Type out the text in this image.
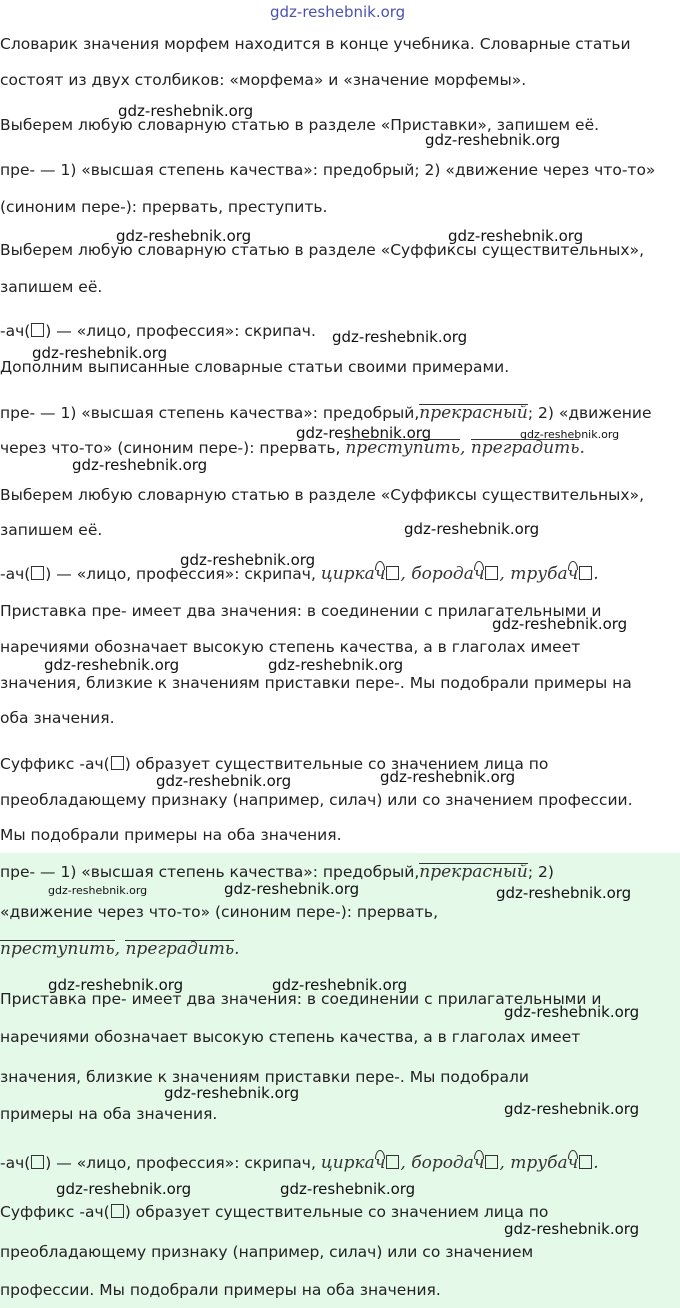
Словарик значения морфем находится в конце учебника. Словарные статьи
состоят из двух столбиков: «морфема» и «значение морфемы».
Выберем любую словарную статью в разделе «Приставки», запишем её.
пре- — 1) «высшая степень качества»: предобрый; 2) «движение через что-то»
(синоним пере-): прервать, преступить.
Выберем любую словарную статью в разделе «Суффиксы существительных»,
запишем её.
-ач( ) — «лицо, профессия»: скрипач.
Дополним выписанные словарные статьи своими примерами.
пре- — 1) «высшая степень качества»: предобрый,прекрасный; 2) «движение
через что-то» (синоним пере-): прервать, преступить, преградить.
Выберем любую словарную статью в разделе «Суффиксы существительных»,
запишем её.
-ач( ) — «лицо, профессия»: скрипач, циркач , бородач , трубач .
Приставка пре- имеет два значения: в соединении с прилагательными и
наречиями обозначает высокую степень качества, а в глаголах имеет
значения, близкие к значениям приставки пере-. Мы подобрали примеры на
оба значения.
Суффикс -ач( ) образует существительные со значением лица по
преобладающему признаку (например, силач) или со значением профессии.
Мы подобрали примеры на оба значения.
пре- — 1) «высшая степень качества»: предобрый,прекрасный; 2)
«движение через что-то» (синоним пере-): прервать,
преступить, преградить.
Приставка пре- имеет два значения: в соединении с прилагательными и
наречиями обозначает высокую степень качества, а в глаголах имеет
значения, близкие к значениям приставки пере-. Мы подобрали
примеры на оба значения.
-ач( ) — «лицо, профессия»: скрипач, циркач , бородач , трубач .
Суффикс -ач( ) образует существительные со значением лица по
преобладающему признаку (например, силач) или со значением
профессии. Мы подобрали примеры на оба значения.
gdz-reshebnik.org
gdz-reshebnik.org
gdz-reshebnik.org
gdz-reshebnik.org	gdz-reshebnik.org
gdz-reshebnik.org
gdz-reshebnik.org
gdz-reshebnik.org	gdz-reshebnik.org
gdz-reshebnik.org
gdz-reshebnik.org
gdz-reshebnik.org
gdz-reshebnik.org
gdz-reshebnik.org	gdz-reshebnik.org
gdz-reshebnik.org
gdz-reshebnik.org
gdz-reshebnik.org	gdz-reshebnik.org	gdz-reshebnik.org
gdz-reshebnik.org	gdz-reshebnik.org
gdz-reshebnik.org
gdz-reshebnik.org
gdz-reshebnik.org
gdz-reshebnik.org	gdz-reshebnik.org
gdz-reshebnik.org
